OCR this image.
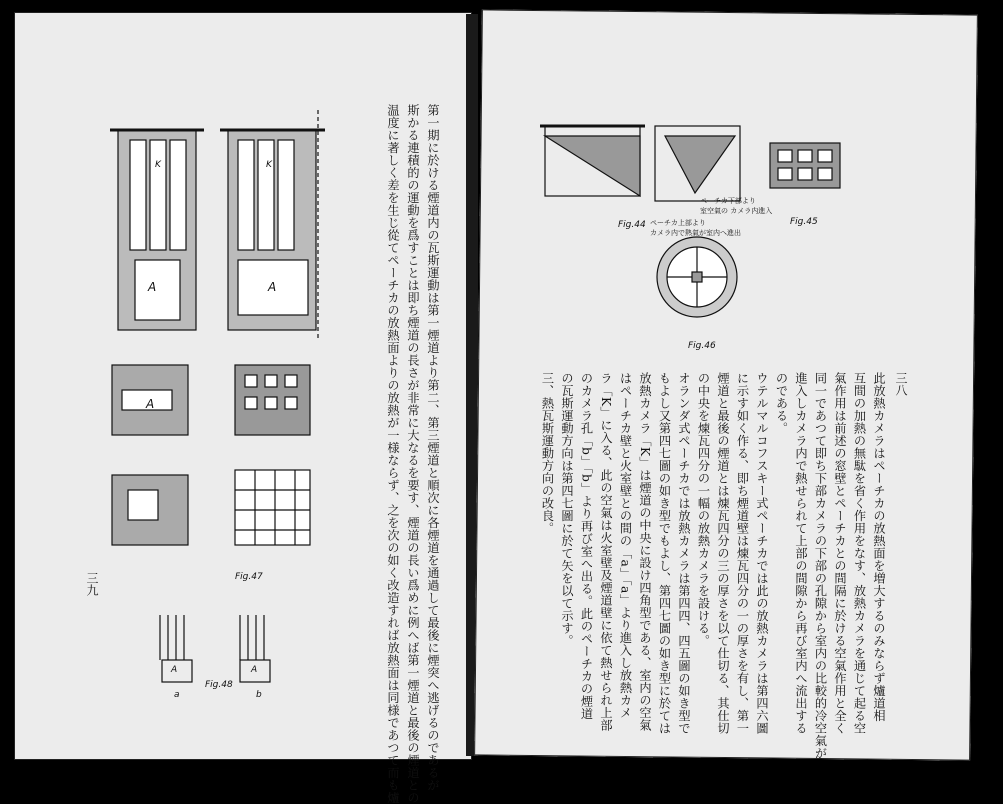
Fig.47
Fig.48
a	b
A
A
A
K	K
A	A	第一期に於ける煙道内の瓦斯運動は第一煙道より第二、第三煙道と順次に各煙道を通過して最後に煙突へ逃げるのであるが
斯かる連積的の運動を爲すことは即ち煙道の長さが非常に大なるを要す、煙道の長い爲めに例へば第一煙道と最後の煙道との
温度に著しく差を生じ從てペーチカの放熱面よりの放熱が一様ならず、之を次の如く改造すれば放熱面は同様であつて而も爐
三九
Fig.44	Fig.45
Fig.46
ペーチカ下部より
室空氣の カメラ内進入
ペーチカ上部より
カメラ内で熱氣が室内へ進出
三八
此放熱カメラはペーチカの放熱面を増大するのみならず爐道相
互間の加熱の無駄を省く作用をなす、放熱カメラを通じて起る空
氣作用は前述の窓壁とペーチカとの間隔に於ける空氣作用と全く
同一であつて即ち下部カメラの下部の孔隙から室内の比較的冷空氣が
進入しカメラ内で熱せられて上部の間隙から再び室内へ流出する
のである。
ウテルマルコフスキー式ペーチカでは此の放熱カメラは第四六圖
に示す如く作る、即ち煙道壁は煉瓦四分の一の厚さを有し、第一
煙道と最後の煙道とは煉瓦四分の三の厚さを以て仕切る、其仕切
の中央を煉瓦四分の一幅の放熱カメラを設ける。
オランダ式ペーチカでは放熱カメラは第四四、四五圖の如き型で
もよし又第四七圖の如き型でもよし、第四七圖の如き型に於ては
放熱カメラ「K」は煙道の中央に設け四角型である、室内の空氣
はペーチカ壁と火室壁との間の「a」「a」より進入し放熱カメ
ラ「K」に入る、此の空氣は火室壁及煙道壁に依て熱せられ上部
のカメラ孔「b」「b」より再び室へ出る。此のペーチカの煙道
の瓦斯運動方向は第四七圖に於て矢を以て示す。
三、熱瓦斯運動方向の改良。
